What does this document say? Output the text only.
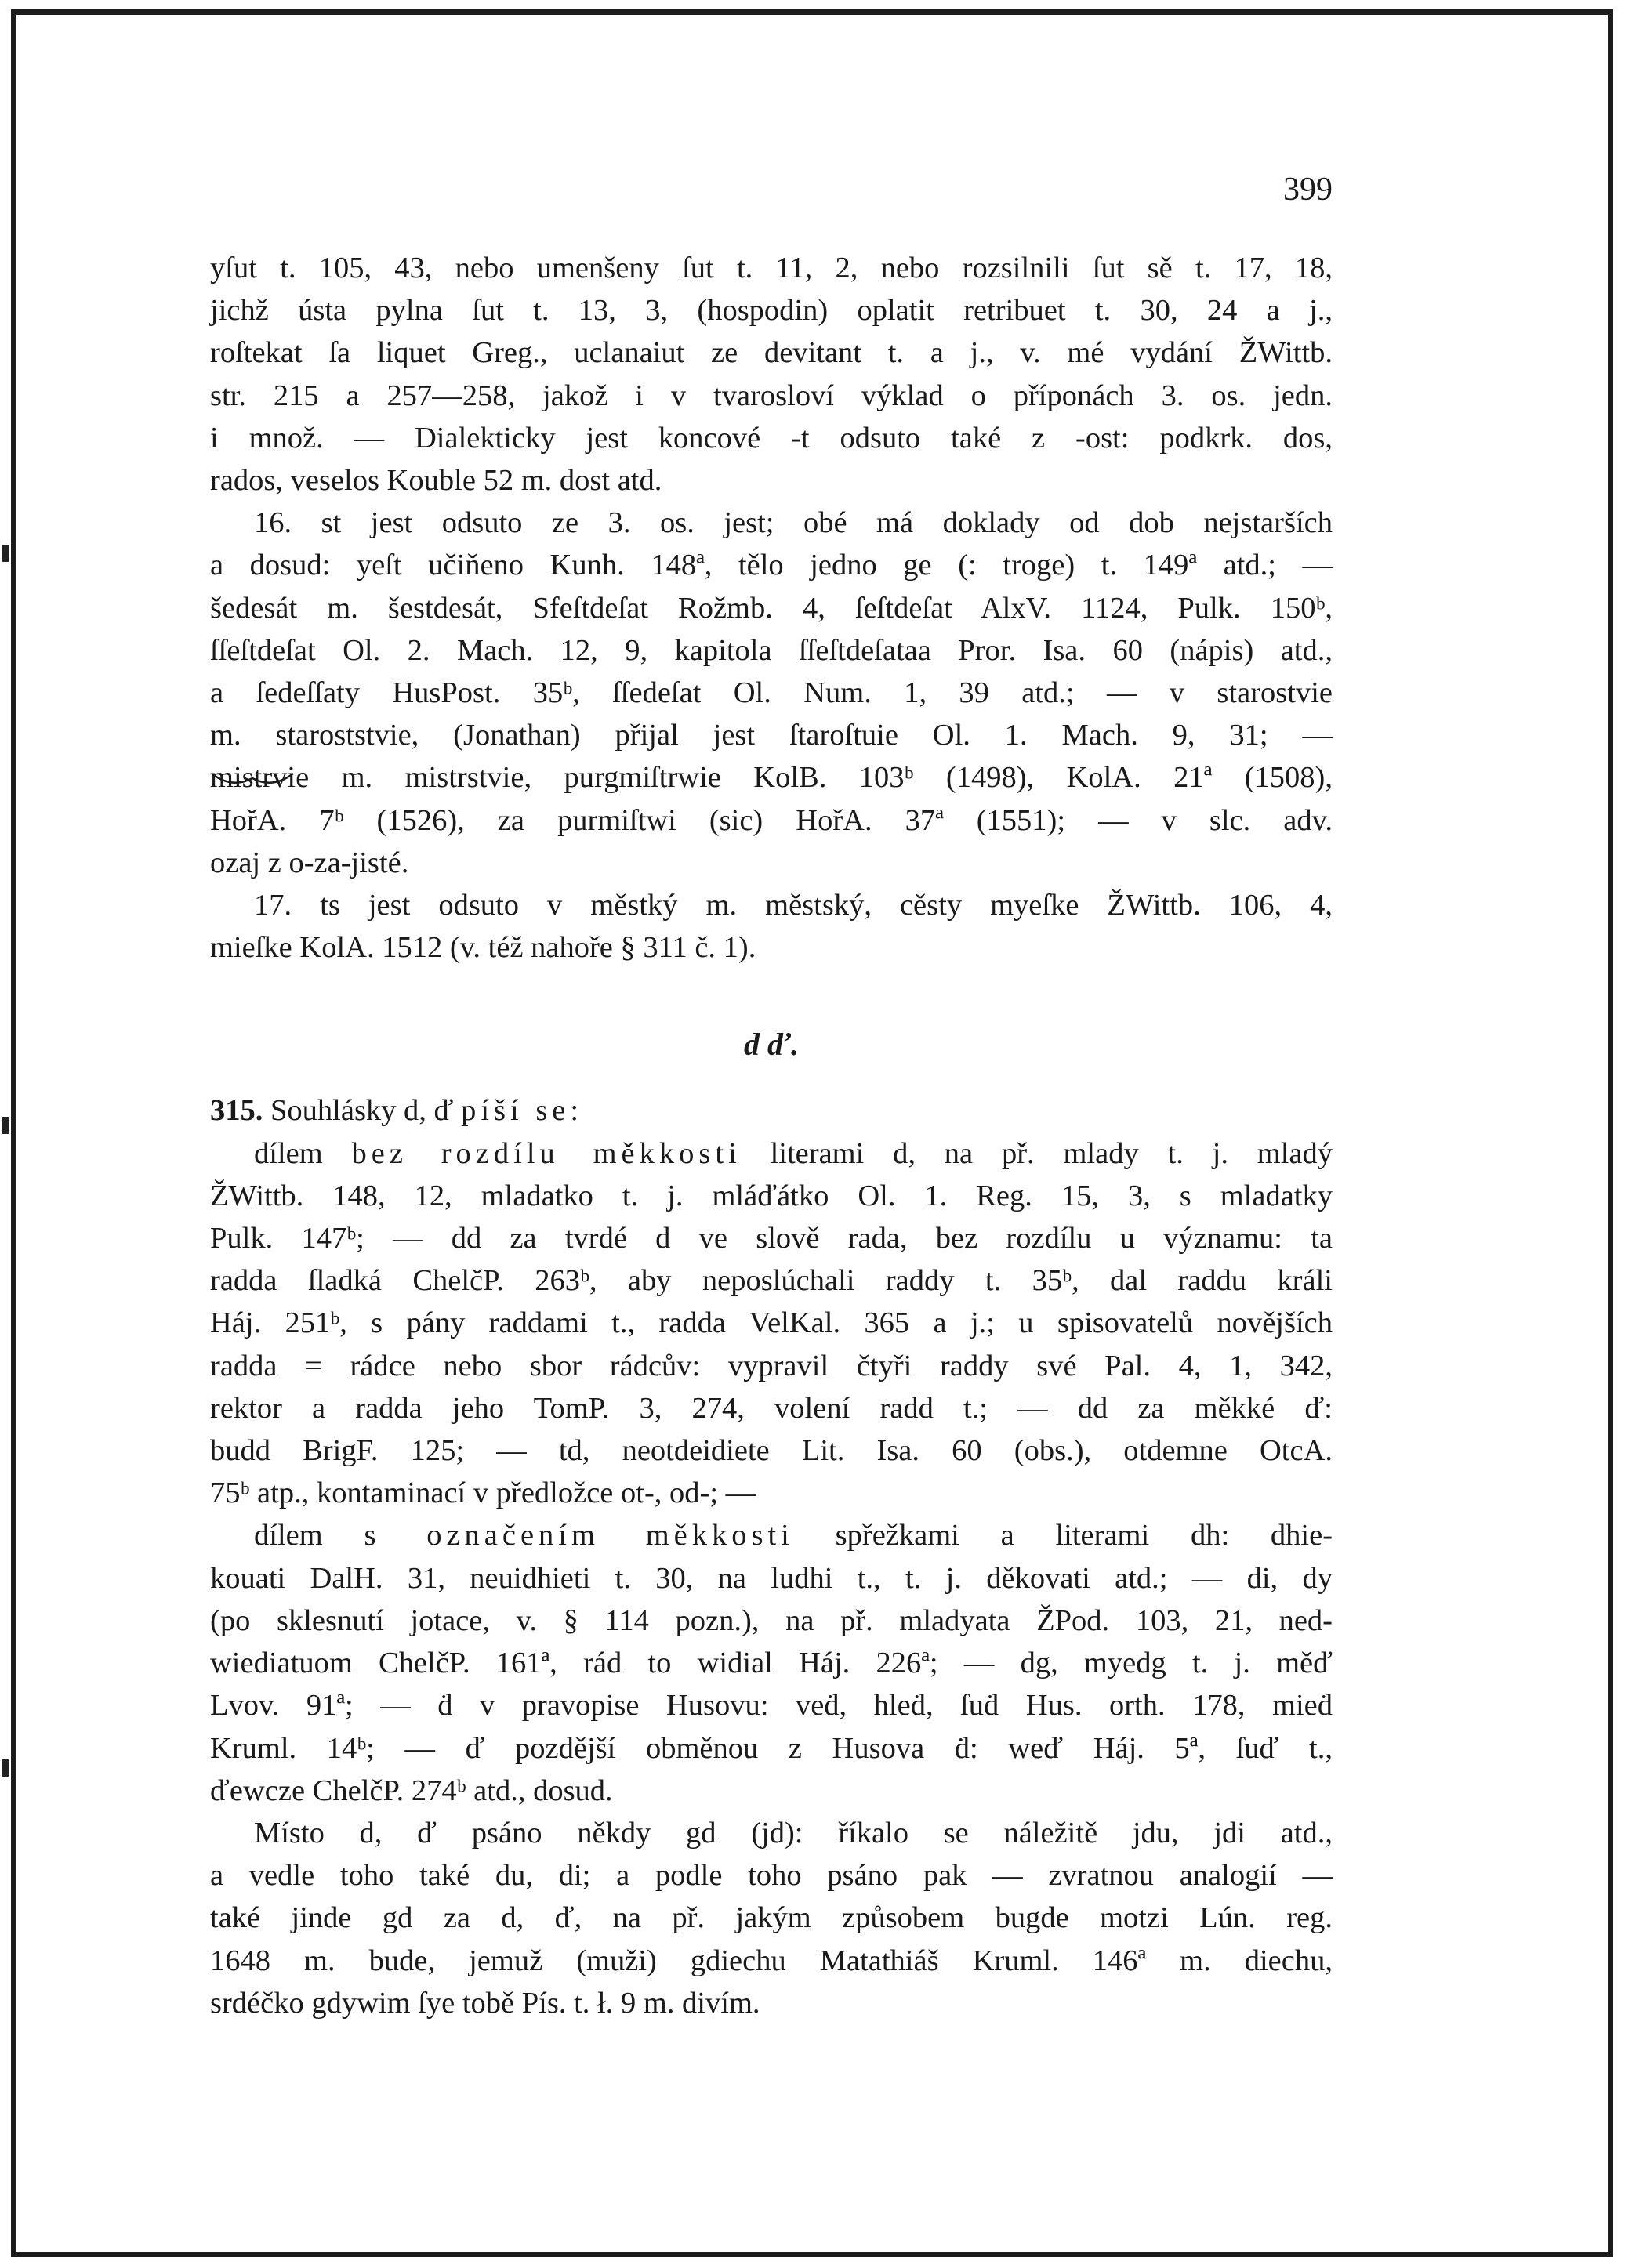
399

yſut t. 105, 43, nebo umenšeny ſut t. 11, 2, nebo rozsilnili ſut sě t. 17, 18,

jichž ústa pylna ſut t. 13, 3, (hospodin) oplatit retribuet t. 30, 24 a j.,

roſtekat ſa liquet Greg., uclanaiut ze devitant t. a j., v. mé vydání ŽWittb.

str. 215 a 257—258, jakož i v tvarosloví výklad o příponách 3. os. jedn.

i množ. — Dialekticky jest koncové -t odsuto také z -ost: podkrk. dos,

rados, veselos Kouble 52 m. dost atd.

16. st jest odsuto ze 3. os. jest; obé má doklady od dob nejstarších

a dosud: yeſt učiňeno Kunh. 148ª, tělo jedno ge (: troge) t. 149ª atd.; —

šedesát m. šestdesát, Sfeſtdeſat Rožmb. 4, ſeſtdeſat AlxV. 1124, Pulk. 150ᵇ,

ſſeſtdeſat Ol. 2. Mach. 12, 9, kapitola ſſeſtdeſataa Pror. Isa. 60 (nápis) atd.,

a ſedeſſaty HusPost. 35ᵇ, ſſedeſat Ol. Num. 1, 39 atd.; — v starostvie

m. staroststvie, (Jonathan) přijal jest ſtaroſtuie Ol. 1. Mach. 9, 31; —

mistrvie m. mistrstvie, purgmiſtrwie KolB. 103ᵇ (1498), KolA. 21ª (1508),

HořA. 7ᵇ (1526), za purmiſtwi (sic) HořA. 37ª (1551); — v slc. adv.

ozaj z o-za-jisté.

17. ts jest odsuto v městký m. městský, cěsty myeſke ŽWittb. 106, 4,

mieſke KolA. 1512 (v. též nahoře § 311 č. 1).

d ď.

315. Souhlásky d, ď píší se:

dílem bez rozdílu měkkosti literami d, na př. mlady t. j. mladý

ŽWittb. 148, 12, mladatko t. j. mláďátko Ol. 1. Reg. 15, 3, s mladatky

Pulk. 147ᵇ; — dd za tvrdé d ve slově rada, bez rozdílu u významu: ta

radda ſladká ChelčP. 263ᵇ, aby neposlúchali raddy t. 35ᵇ, dal raddu králi

Háj. 251ᵇ, s pány raddami t., radda VelKal. 365 a j.; u spisovatelů novějších

radda = rádce nebo sbor rádcův: vypravil čtyři raddy své Pal. 4, 1, 342,

rektor a radda jeho TomP. 3, 274, volení radd t.; — dd za měkké ď:

budd BrigF. 125; — td, neotdeidiete Lit. Isa. 60 (obs.), otdemne OtcA.

75ᵇ atp., kontaminací v předložce ot-, od-; —

dílem s označením měkkosti spřežkami a literami dh: dhie-

kouati DalH. 31, neuidhieti t. 30, na ludhi t., t. j. děkovati atd.; — di, dy

(po sklesnutí jotace, v. § 114 pozn.), na př. mladyata ŽPod. 103, 21, ned-

wiediatuom ChelčP. 161ª, rád to widial Háj. 226ª; — dg, myedg t. j. měď

Lvov. 91ª; — ḋ v pravopise Husovu: veḋ, hleḋ, ſuḋ Hus. orth. 178, mieḋ

Kruml. 14ᵇ; — ď pozdější obměnou z Husova ḋ: weď Háj. 5ª, ſuď t.,

ďewcze ChelčP. 274ᵇ atd., dosud.

Místo d, ď psáno někdy gd (jd): říkalo se náležitě jdu, jdi atd.,

a vedle toho také du, di; a podle toho psáno pak — zvratnou analogií —

také jinde gd za d, ď, na př. jakým způsobem bugde motzi Lún. reg.

1648 m. bude, jemuž (muži) gdiechu Matathiáš Kruml. 146ª m. diechu,

srdéčko gdywim ſye tobě Pís. t. ł. 9 m. divím.
